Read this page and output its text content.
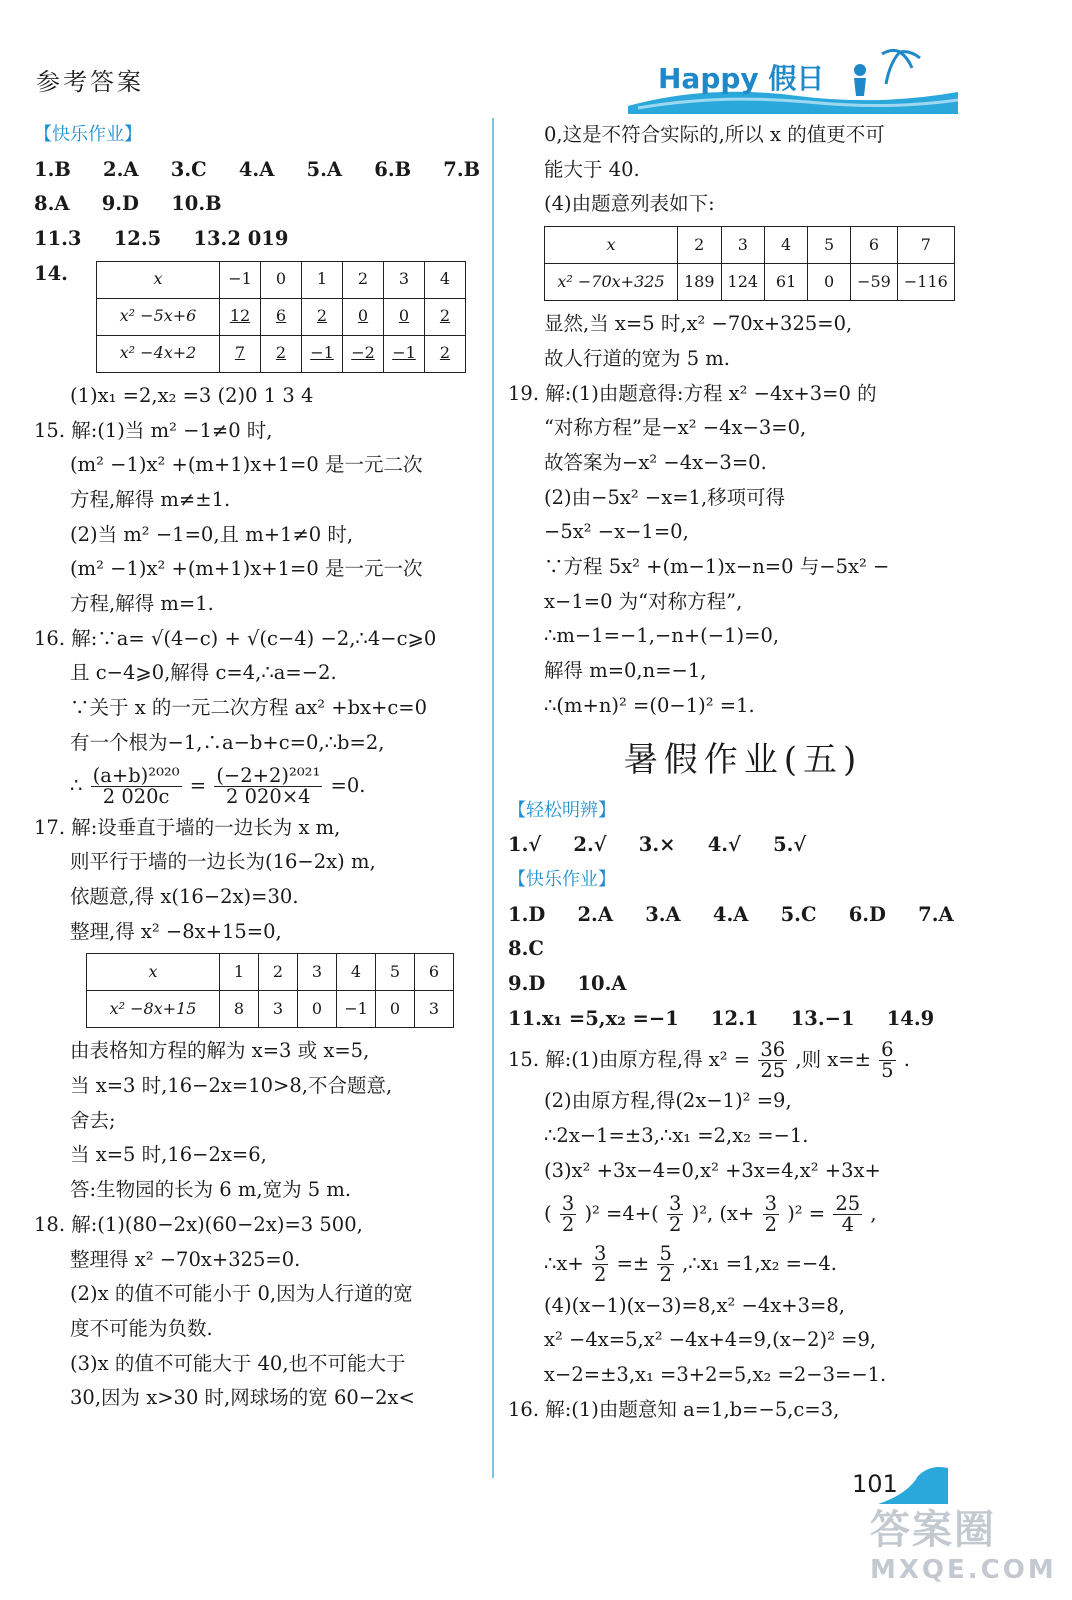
参考答案	Happy 假日
【快乐作业】
1.B 2.A 3.C 4.A 5.A 6.B 7.B
8.A 9.D 10.B
11.3 12.5 13.2 019
14.	x	−1	0	1	2	3	4
x² −5x+6	12	6	2	0	0	2
x² −4x+2	7	2	−1	−2	−1	2
(1)x₁ =2,x₂ =3 (2)0 1 3 4
15. 解:(1)当 m² −1≠0 时,
(m² −1)x² +(m+1)x+1=0 是一元二次
方程,解得 m≠±1.
(2)当 m² −1=0,且 m+1≠0 时,
(m² −1)x² +(m+1)x+1=0 是一元一次
方程,解得 m=1.
16. 解:∵a= √(4−c) + √(c−4) −2,∴4−c⩾0
且 c−4⩾0,解得 c=4,∴a=−2.
∵关于 x 的一元二次方程 ax² +bx+c=0
有一个根为−1,∴a−b+c=0,∴b=2,
∴ $\frac{\text{(a+b)²⁰²⁰}}{2 020c} = \frac{\text{(−2+2)²⁰²¹}}{2 020\times 4} =0$.
17. 解:设垂直于墙的一边长为 x m,
则平行于墙的一边长为(16−2x) m,
依题意,得 x(16−2x)=30.
整理,得 x² −8x+15=0,
x	1	2	3	4	5	6
x² −8x+15	8	3	0	−1	0	3
由表格知方程的解为 x=3 或 x=5,
当 x=3 时,16−2x=10>8,不合题意,
舍去;
当 x=5 时,16−2x=6,
答:生物园的长为 6 m,宽为 5 m.
18. 解:(1)(80−2x)(60−2x)=3 500,
整理得 x² −70x+325=0.
(2)x 的值不可能小于 0,因为人行道的宽
度不可能为负数.
(3)x 的值不可能大于 40,也不可能大于
30,因为 x>30 时,网球场的宽 60−2x<
0,这是不符合实际的,所以 x 的值更不可
能大于 40.
(4)由题意列表如下:
x	2	3	4	5	6	7
x² −70x+325	189	124	61	0	−59	−116
显然,当 x=5 时,x² −70x+325=0,
故人行道的宽为 5 m.
19. 解:(1)由题意得:方程 x² −4x+3=0 的
“对称方程”是−x² −4x−3=0,
故答案为−x² −4x−3=0.
(2)由−5x² −x=1,移项可得
−5x² −x−1=0,
∵方程 5x² +(m−1)x−n=0 与−5x² −
x−1=0 为“对称方程”,
∴m−1=−1,−n+(−1)=0,
解得 m=0,n=−1,
∴(m+n)² =(0−1)² =1.
暑假作业(五)
【轻松明辨】
1.√ 2.√ 3.× 4.√ 5.√
【快乐作业】
1.D 2.A 3.A 4.A 5.C 6.D 7.A
8.C
9.D 10.A
11.x₁ =5,x₂ =−1 12.1 13.−1 14.9
15. 解:(1)由原方程,得 $x^2 = \frac{36}{25}$ ,则 $x=\pm \frac{6}{5}$ .
(2)由原方程,得(2x−1)² =9,
∴2x−1=±3,∴x₁ =2,x₂ =−1.
(3)x² +3x−4=0,x² +3x=4,x² +3x+
( $\frac{3}{2} )^2 =4+( \frac{3}{2} )^2$, $(x+ \frac{3}{2} )^2 = \frac{25}{4}$ ,
∴x+ $\frac{3}{2} =\pm \frac{5}{2}$ ,∴x₁ =1,x₂ =−4.
(4)(x−1)(x−3)=8,x² −4x+3=8,
x² −4x=5,x² −4x+4=9,(x−2)² =9,
x−2=±3,x₁ =3+2=5,x₂ =2−3=−1.
16. 解:(1)由题意知 a=1,b=−5,c=3,
101
答案圈
MXQE.COM
